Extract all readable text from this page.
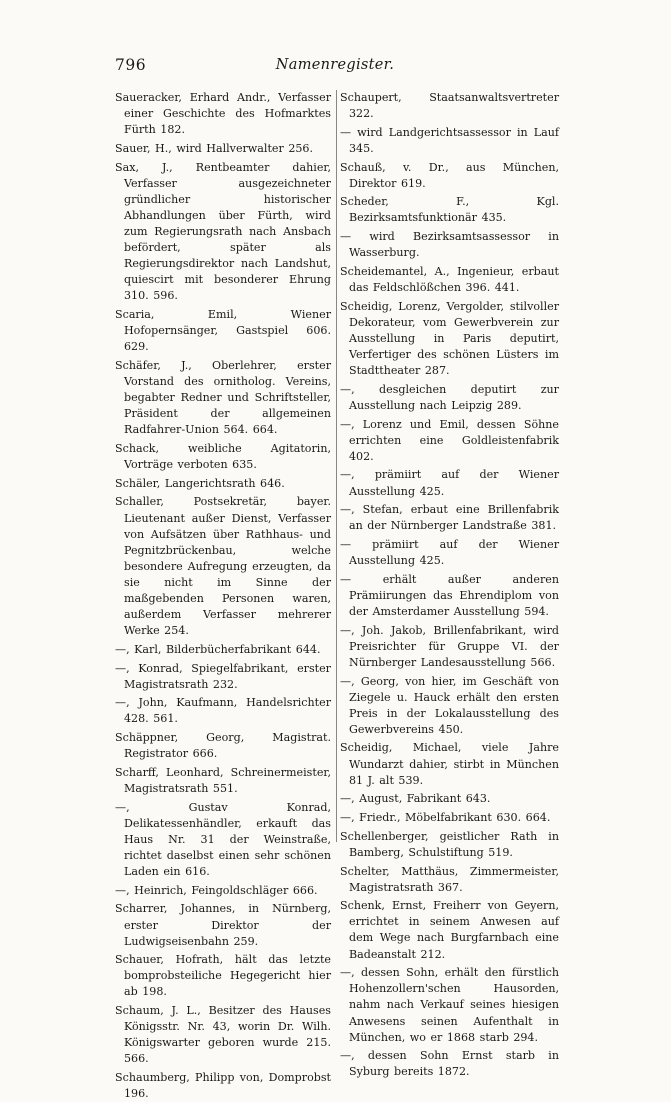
796	Namenregister.

Saueracker, Erhard Andr., Verfasser einer Geschichte des Hofmarktes Fürth 182.

Sauer, H., wird Hallverwalter 256.

Sax, J., Rentbeamter dahier, Verfasser ausgezeichneter gründlicher historischer Abhandlungen über Fürth, wird zum Regierungsrath nach Ansbach befördert, später als Regierungsdirektor nach Landshut, quiescirt mit besonderer Ehrung 310. 596.

Scaria, Emil, Wiener Hofopernsänger, Gastspiel 606. 629.

Schäfer, J., Oberlehrer, erster Vorstand des ornitholog. Vereins, begabter Redner und Schriftsteller, Präsident der allgemeinen Radfahrer-Union 564. 664.

Schack, weibliche Agitatorin, Vorträge verboten 635.

Schäler, Langerichtsrath 646.

Schaller, Postsekretär, bayer. Lieutenant außer Dienst, Verfasser von Aufsätzen über Rathhaus- und Pegnitzbrückenbau, welche besondere Aufregung erzeugten, da sie nicht im Sinne der maßgebenden Personen waren, außerdem Verfasser mehrerer Werke 254.

—, Karl, Bilderbücherfabrikant 644.

—, Konrad, Spiegelfabrikant, erster Magistratsrath 232.

—, John, Kaufmann, Handelsrichter 428. 561.

Schäppner, Georg, Magistrat. Registrator 666.

Scharff, Leonhard, Schreinermeister, Magistratsrath 551.

—, Gustav Konrad, Delikatessenhändler, erkauft das Haus Nr. 31 der Weinstraße, richtet daselbst einen sehr schönen Laden ein 616.

—, Heinrich, Feingoldschläger 666.

Scharrer, Johannes, in Nürnberg, erster Direktor der Ludwigseisenbahn 259.

Schauer, Hofrath, hält das letzte bomprobsteiliche Hegegericht hier ab 198.

Schaum, J. L., Besitzer des Hauses Königsstr. Nr. 43, worin Dr. Wilh. Königswarter geboren wurde 215. 566.

Schaumberg, Philipp von, Domprobst 196.

Schaupert, Staatsanwaltsvertreter 322.

— wird Landgerichtsassessor in Lauf 345.

Schauß, v. Dr., aus München, Direktor 619.

Scheder, F., Kgl. Bezirksamtsfunktionär 435.

— wird Bezirksamtsassessor in Wasserburg.

Scheidemantel, A., Ingenieur, erbaut das Feldschlößchen 396. 441.

Scheidig, Lorenz, Vergolder, stilvoller Dekorateur, vom Gewerbverein zur Ausstellung in Paris deputirt, Verfertiger des schönen Lüsters im Stadttheater 287.

—, desgleichen deputirt zur Ausstellung nach Leipzig 289.

—, Lorenz und Emil, dessen Söhne errichten eine Goldleistenfabrik 402.

—, prämiirt auf der Wiener Ausstellung 425.

—, Stefan, erbaut eine Brillenfabrik an der Nürnberger Landstraße 381.

— prämiirt auf der Wiener Ausstellung 425.

— erhält außer anderen Prämiirungen das Ehrendiplom von der Amsterdamer Ausstellung 594.

—, Joh. Jakob, Brillenfabrikant, wird Preisrichter für Gruppe VI. der Nürnberger Landesausstellung 566.

—, Georg, von hier, im Geschäft von Ziegele u. Hauck erhält den ersten Preis in der Lokalausstellung des Gewerbvereins 450.

Scheidig, Michael, viele Jahre Wundarzt dahier, stirbt in München 81 J. alt 539.

—, August, Fabrikant 643.

—, Friedr., Möbelfabrikant 630. 664.

Schellenberger, geistlicher Rath in Bamberg, Schulstiftung 519.

Schelter, Matthäus, Zimmermeister, Magistratsrath 367.

Schenk, Ernst, Freiherr von Geyern, errichtet in seinem Anwesen auf dem Wege nach Burgfarnbach eine Badeanstalt 212.

—, dessen Sohn, erhält den fürstlich Hohenzollern'schen Hausorden, nahm nach Verkauf seines hiesigen Anwesens seinen Aufenthalt in München, wo er 1868 starb 294.

—, dessen Sohn Ernst starb in Syburg bereits 1872.
